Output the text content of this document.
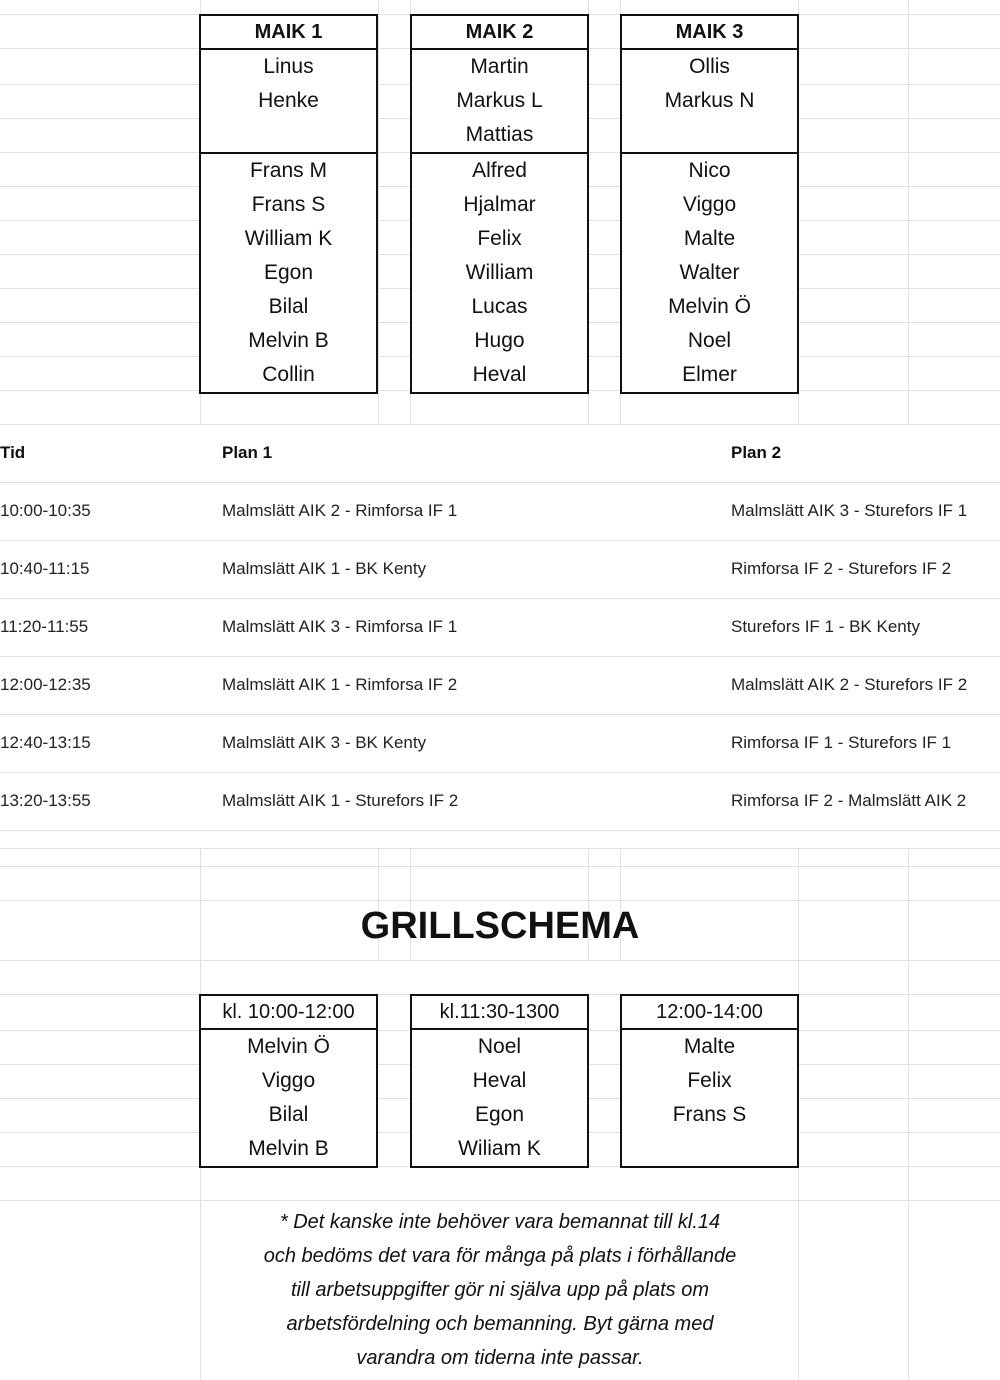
MAIK 1
Linus
Henke
Frans M
Frans S
William K
Egon
Bilal
Melvin B
Collin
MAIK 2
Martin
Markus L
Mattias
Alfred
Hjalmar
Felix
William
Lucas
Hugo
Heval
MAIK 3
Ollis
Markus N
Nico
Viggo
Malte
Walter
Melvin Ö
Noel
Elmer
Tid	Plan 1	Plan 2
10:00-10:35	Malmslätt AIK 2 - Rimforsa IF 1	Malmslätt AIK 3 - Sturefors IF 1
10:40-11:15	Malmslätt AIK 1 - BK Kenty	Rimforsa IF 2 - Sturefors IF 2
11:20-11:55	Malmslätt AIK 3 - Rimforsa IF 1	Sturefors IF 1 - BK Kenty
12:00-12:35	Malmslätt AIK 1 - Rimforsa IF 2	Malmslätt AIK 2 - Sturefors IF 2
12:40-13:15	Malmslätt AIK 3 - BK Kenty	Rimforsa IF 1 - Sturefors IF 1
13:20-13:55	Malmslätt AIK 1 - Sturefors IF 2	Rimforsa IF 2 - Malmslätt AIK 2
GRILLSCHEMA
kl. 10:00-12:00
Melvin Ö
Viggo
Bilal
Melvin B
kl.11:30-1300
Noel
Heval
Egon
Wiliam K
12:00-14:00
Malte
Felix
Frans S
* Det kanske inte behöver vara bemannat till kl.14
och bedöms det vara för många på plats i förhållande
till arbetsuppgifter gör ni själva upp på plats om
arbetsfördelning och bemanning. Byt gärna med
varandra om tiderna inte passar.
